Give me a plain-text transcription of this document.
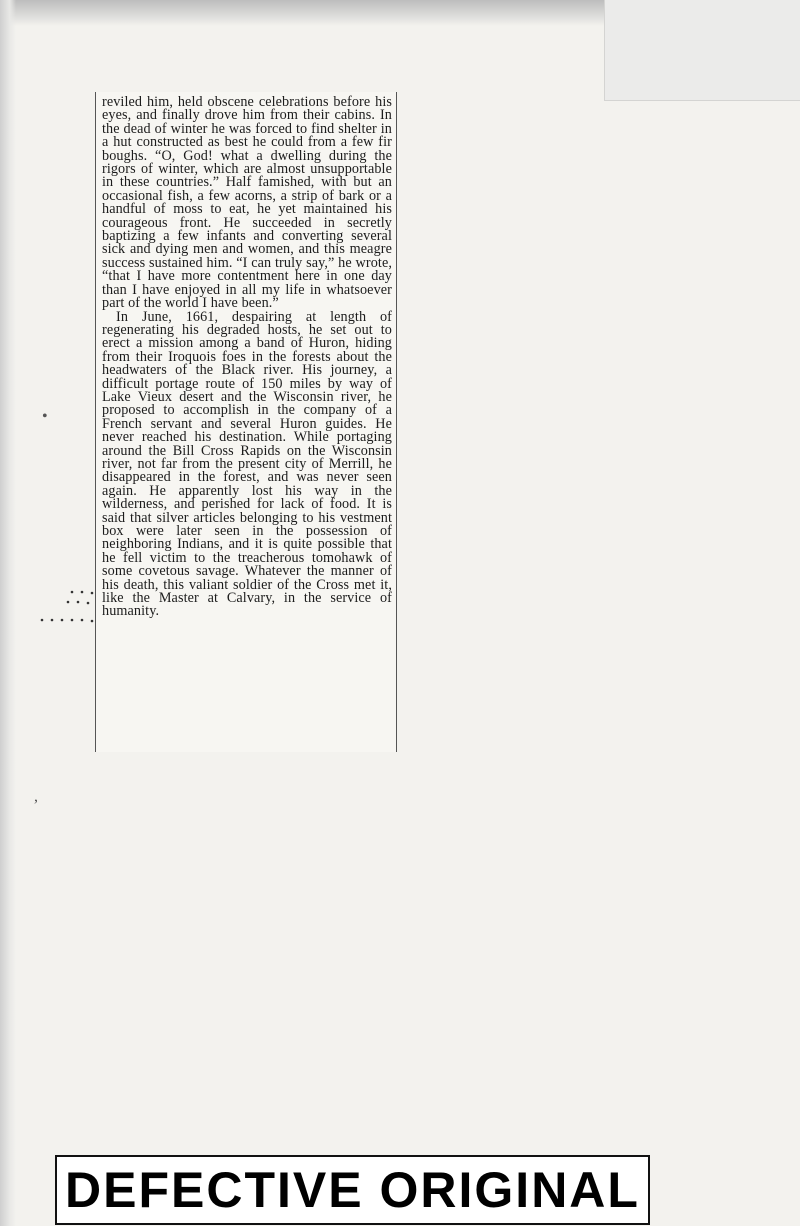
reviled him, held obscene celebrations before his eyes, and finally drove him from their cabins. In the dead of winter he was forced to find shelter in a hut constructed as best he could from a few fir boughs. “O, God! what a dwelling during the rigors of winter, which are almost unsupportable in these countries.” Half famished, with but an occasional fish, a few acorns, a strip of bark or a handful of moss to eat, he yet maintained his courageous front. He succeeded in secretly baptizing a few infants and converting several sick and dying men and women, and this meagre success sustained him. “I can truly say,” he wrote, “that I have more contentment here in one day than I have enjoyed in all my life in whatsoever part of the world I have been.”

In June, 1661, despairing at length of regenerating his degraded hosts, he set out to erect a mission among a band of Huron, hiding from their Iroquois foes in the forests about the headwaters of the Black river. His journey, a difficult portage route of 150 miles by way of Lake Vieux desert and the Wisconsin river, he proposed to accomplish in the company of a French servant and several Huron guides. He never reached his destination. While portaging around the Bill Cross Rapids on the Wisconsin river, not far from the present city of Merrill, he disappeared in the forest, and was never seen again. He apparently lost his way in the wilderness, and perished for lack of food. It is said that silver articles belonging to his vestment box were later seen in the possession of neighboring Indians, and it is quite possible that he fell victim to the treacherous tomohawk of some covetous savage. Whatever the manner of his death, this valiant soldier of the Cross met it, like the Master at Calvary, in the service of humanity.

•
,
DEFECTIVE ORIGINAL
